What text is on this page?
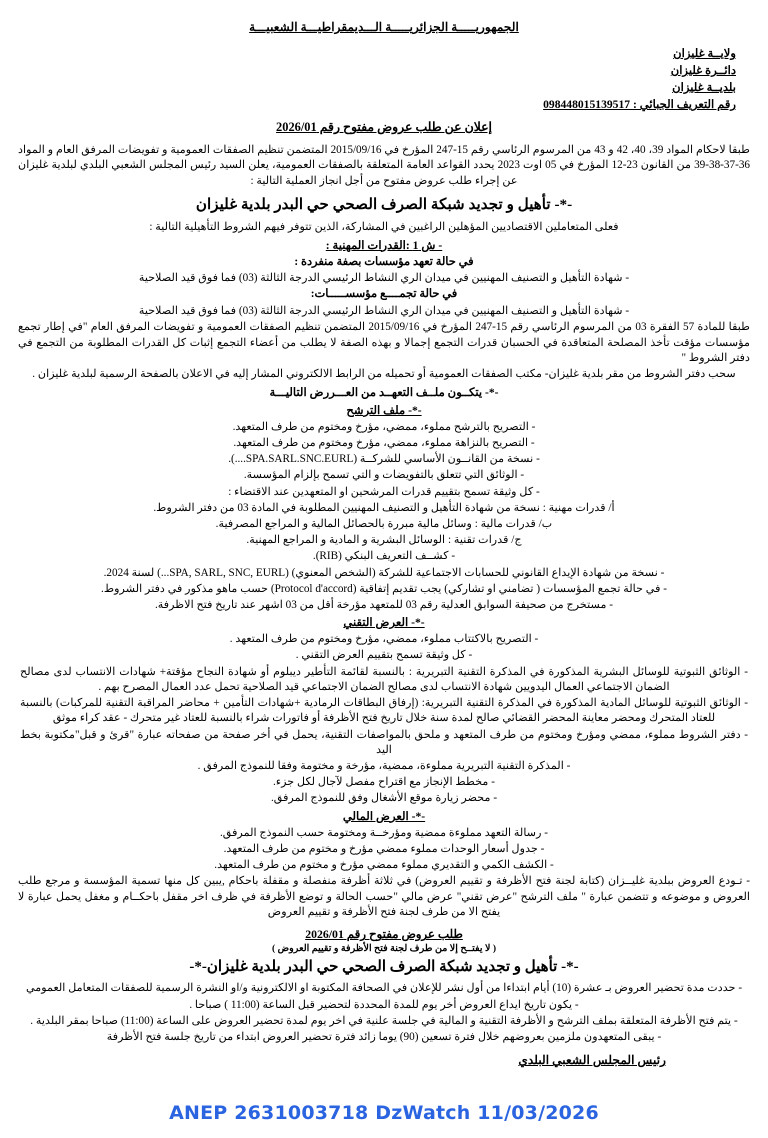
الجمهوريـــــة الجزائريـــــة الـــديمقراطيـــة الشعبيـــة
ولايــة غليزان
دائــرة غليزان
بلديــة غليزان
رقم التعريف الجبائي : 098448015139517
إعلان عن طلب عروض مفتوح رقم 2026/01

طبقا لاحكام المواد 39، 40، 42 و 43 من المرسوم الرئاسي رقم 15-247 المؤرخ في 2015/09/16 المتضمن تنظيم الصفقات العمومية و تفويضات المرفق العام و المواد 36-37-38-39 من القانون 23-12 المؤرخ في 05 اوت 2023 يحدد القواعد العامة المتعلقة بالصفقات العمومية، يعلن السيد رئيس المجلس الشعبي البلدي لبلدية غليزان عن إجراء طلب عروض مفتوح من أجل انجاز العملية التالية :

-*- تأهيل و تجديد شبكة الصرف الصحي حي البدر بلدية غليزان

فعلى المتعاملين الاقتصاديين المؤهلين الراغبين في المشاركة، الذين تتوفر فيهم الشروط التأهيلية التالية :

- ش 1 :القدرات المهنية :
في حالة تعهد مؤسسات بصفة منفردة :
- شهادة التأهيل و التصنيف المهنيين في ميدان الري النشاط الرئيسي الدرجة الثالثة (03) فما فوق قيد الصلاحية
في حالة تجمــــع مؤسســـــات:
- شهادة التأهيل و التصنيف المهنيين في ميدان الري النشاط الرئيسي الدرجة الثالثة (03) فما فوق قيد الصلاحية

طبقا للمادة 57 الفقرة 03 من المرسوم الرئاسي رقم 15-247 المؤرخ في 2015/09/16 المتضمن تنظيم الصفقات العمومية و تفويضات المرفق العام "في إطار تجمع مؤسسات مؤقت تأخذ المصلحة المتعاقدة في الحسبان قدرات التجمع إجمالا و بهذه الصفة لا يطلب من أعضاء التجمع إثبات كل القدرات المطلوبة من التجمع في دفتر الشروط "

سحب دفتر الشروط من مقر بلدية غليزان- مكتب الصفقات العمومية أو تحميله من الرابط الالكتروني المشار إليه في الاعلان بالصفحة الرسمية لبلدية غليزان .

-*- يتكــون ملــف التعهــد من العـــررض التاليـــة
-*- ملف الترشح
- التصريح بالترشح مملوء، ممضي، مؤرخ ومختوم من طرف المتعهد.
- التصريح بالنزاهة مملوء، ممضي، مؤرخ ومختوم من طرف المتعهد.
- نسخة من القانــون الأساسي للشركــة (SPA.SARL.SNC.EURL....).
- الوثائق التي تتعلق بالتفويضات و التي تسمح بإلزام المؤسسة.
- كل وثيقة تسمح بتقييم قدرات المرشحين او المتعهدين عند الاقتضاء :
أ/ قدرات مهنية : نسخة من شهادة التأهيل و التصنيف المهنيين المطلوبة في المادة 03 من دفتر الشروط.
ب/ قدرات مالية : وسائل مالية مبررة بالحصائل المالية و المراجع المصرفية.
ج/ قدرات تقنية : الوسائل البشرية و المادية و المراجع المهنية.
- كشــف التعريف البنكي (RIB).
- نسخة من شهادة الإيداع القانوني للحسابات الاجتماعية للشركة (الشخص المعنوي) (SPA, SARL, SNC, EURL...) لسنة 2024.
- في حالة تجمع المؤسسات ( تضامني او تشاركي) يجب تقديم إتفاقية (Protocol d'accord) حسب ماهو مذكور في دفتر الشروط.
- مستخرج من صحيفة السوابق العدلية رقم 03 للمتعهد مؤرخة أقل من 03 اشهر عند تاريخ فتح الاظرفة.
-*- العرض التقني
- التصريح بالاكتتاب مملوء، ممضي، مؤرخ ومختوم من طرف المتعهد .
- كل وثيقة تسمح بتقييم العرض التقني .
- الوثائق الثبوتية للوسائل البشرية المذكورة في المذكرة التقنية التبريرية : بالنسبة لقائمة التأطير ديبلوم أو شهادة النجاح مؤقتة+ شهادات الانتساب لدى مصالح الضمان الاجتماعي العمال اليدويين شهادة الانتساب لدى مصالح الضمان الاجتماعي قيد الصلاحية تحمل عدد العمال المصرح بهم .
- الوثائق الثبوتية للوسائل المادية المذكورة في المذكرة التقنية التبريرية: (إرفاق البطاقات الرمادية +شهادات التأمين + محاضر المراقبة التقنية للمركبات) بالنسبة للعتاد المتحرك ومحضر معاينة المحضر القضائي صالح لمدة سنة خلال تاريخ فتح الأظرفة أو فاتورات شراء بالنسبة للعتاد غير متحرك - عقد كراء موثق
- دفتر الشروط مملوء، ممضي ومؤرخ ومختوم من طرف المتعهد و ملحق بالمواصفات التقنية، يحمل في أخر صفحة من صفحاته عبارة "قرئ و قبل"مكتوبة بخط اليد
- المذكرة التقنية التبريرية مملوءة، ممضية، مؤرخة و مختومة وفقا للنموذج المرفق .
- مخطط الإنجاز مع اقتراح مفصل لآجال لكل جزء.
- محضر زيارة موقع الأشغال وفق للنموذج المرفق.
-*- العرض المالي
- رسالة التعهد مملوءة ممضية ومؤرخــة ومختومة حسب النموذج المرفق.
- جدول أسعار الوحدات مملوء ممضي مؤرخ و مختوم من طرف المتعهد.
- الكشف الكمي و التقديري مملوء ممضي مؤرخ و مختوم من طرف المتعهد.

- تـودع العروض ببلدية غليــزان (كتابة لجنة فتح الأظرفة و تقييم العروض) في ثلاثة أظرفة منفصلة و مقفلة باحكام ,يبين كل منها تسمية المؤسسة و مرجع طلب العروض و موضوعه و تتضمن عبارة " ملف الترشح "عرض تقني" عرض مالي "حسب الحالة و توضع الأظرفة في ظرف اخر مقفل باحكــام و مغفل يحمل عبارة لا يفتح الا من طرف لجنة فتح الأظرفة و تقييم العروض

طلب عروض مفتوح رقم 2026/01
( لا يفتــح إلا من طرف لجنة فتح الأظرفة و تقييم العروض )
-*- تأهيل و تجديد شبكة الصرف الصحي حي البدر بلدية غليزان-*-
- حددت مدة تحضير العروض بـ عشرة (10) أيام ابتداءا من أول نشر للإعلان في الصحافة المكتوبة او الالكترونية و/او النشرة الرسمية للصفقات المتعامل العمومي
- يكون تاريخ ايداع العروض أخر يوم للمدة المحددة لتحضير قبل الساعة (11:00 ) صباحا .
- يتم فتح الأظرفة المتعلقة بملف الترشح و الأظرفة التقنية و المالية في جلسة علنية في اخر يوم لمدة تحضير العروض على الساعة (11:00) صباحا بمقر البلدية .
- يبقى المتعهدون ملزمين بعروضهم خلال فترة تسعين (90) يوما زائد فترة تحضير العروض ابتداء من تاريخ جلسة فتح الأظرفة
رئيس المجلس الشعبي البلدي
ANEP 2631003718 DzWatch 11/03/2026
